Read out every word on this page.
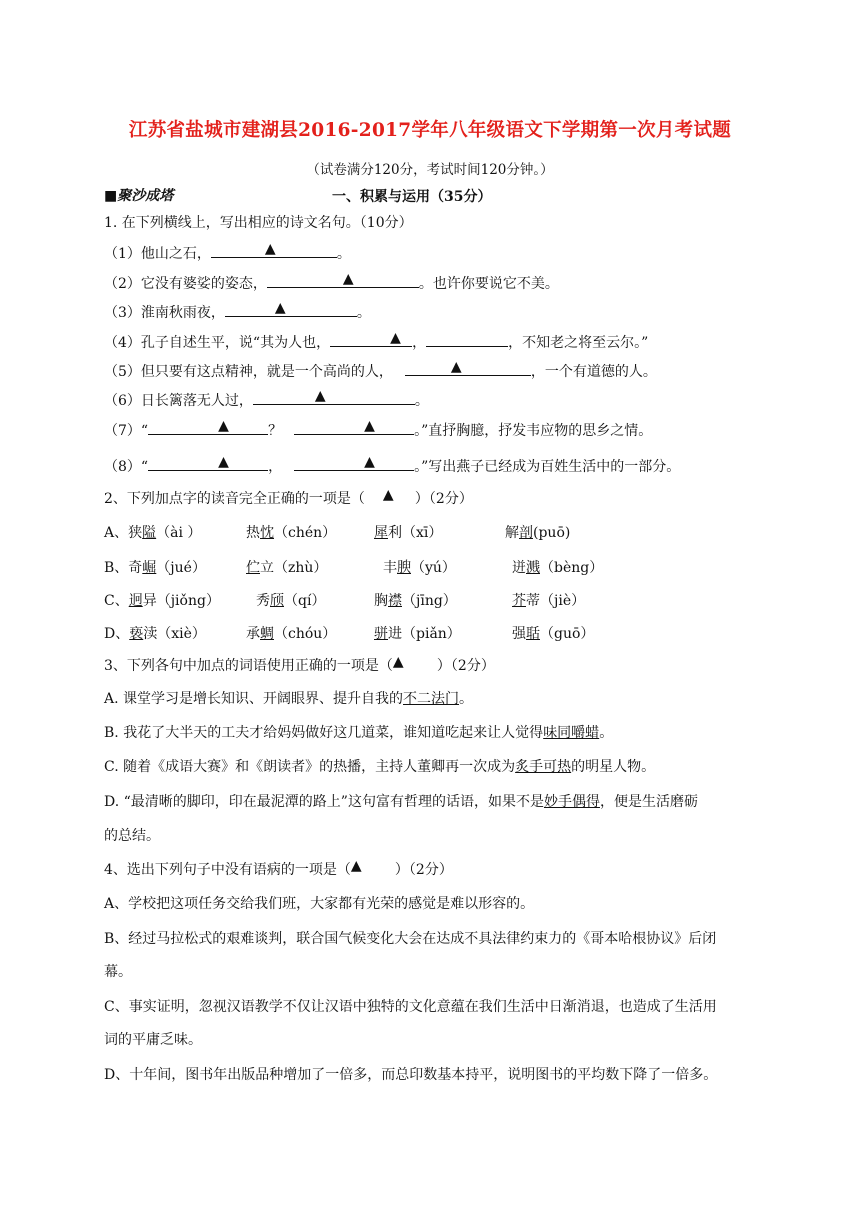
江苏省盐城市建湖县2016-2017学年八年级语文下学期第一次月考试题
（试卷满分120分，考试时间120分钟。）
■聚沙成塔	一、积累与运用（35分）
1. 在下列横线上，写出相应的诗文名句。（10分）
（1）他山之石，	▲	。
（2）它没有婆娑的姿态，	▲	。也许你要说它不美。
（3）淮南秋雨夜，	▲	。
（4）孔子自述生平，说“其为人也，	▲ ，	，不知老之将至云尔。”
（5）但只要有这点精神，就是一个高尚的人，	▲	，一个有道德的人。
（6）日长篱落无人过，	▲	。
（7）“	▲	？	▲	。”直抒胸臆，抒发韦应物的思乡之情。
（8）“	▲	，	▲	。”写出燕子已经成为百姓生活中的一部分。
2、下列加点字的读音完全正确的一项是（ ▲ ）（2分）
A、狭隘（ài ）	热忱（chén）	犀利（xī）	解剖(puō)
B、奇崛（jué）	伫立（zhù）	丰腴（yú）	迸溅（bèng）
C、迥异（jiǒng）	秀颀（qí）	胸襟（jīng）	芥蒂（jiè）
D、亵渎（xiè）	承蜩（chóu）	骈进（piǎn）	强聒（guō）
3、下列各句中加点的词语使用正确的一项是（ ▲ ）（2分）
A. 课堂学习是增长知识、开阔眼界、提升自我的不二法门。
B. 我花了大半天的工夫才给妈妈做好这几道菜，谁知道吃起来让人觉得味同嚼蜡。
C. 随着《成语大赛》和《朗读者》的热播，主持人董卿再一次成为炙手可热的明星人物。
D. “最清晰的脚印，印在最泥潭的路上”这句富有哲理的话语，如果不是妙手偶得，便是生活磨砺
的总结。
4、选出下列句子中没有语病的一项是（ ▲ ）（2分）
A、学校把这项任务交给我们班，大家都有光荣的感觉是难以形容的。
B、经过马拉松式的艰难谈判，联合国气候变化大会在达成不具法律约束力的《哥本哈根协议》后闭
幕。
C、事实证明，忽视汉语教学不仅让汉语中独特的文化意蕴在我们生活中日渐消退，也造成了生活用
词的平庸乏味。
D、十年间，图书年出版品种增加了一倍多，而总印数基本持平，说明图书的平均数下降了一倍多。
